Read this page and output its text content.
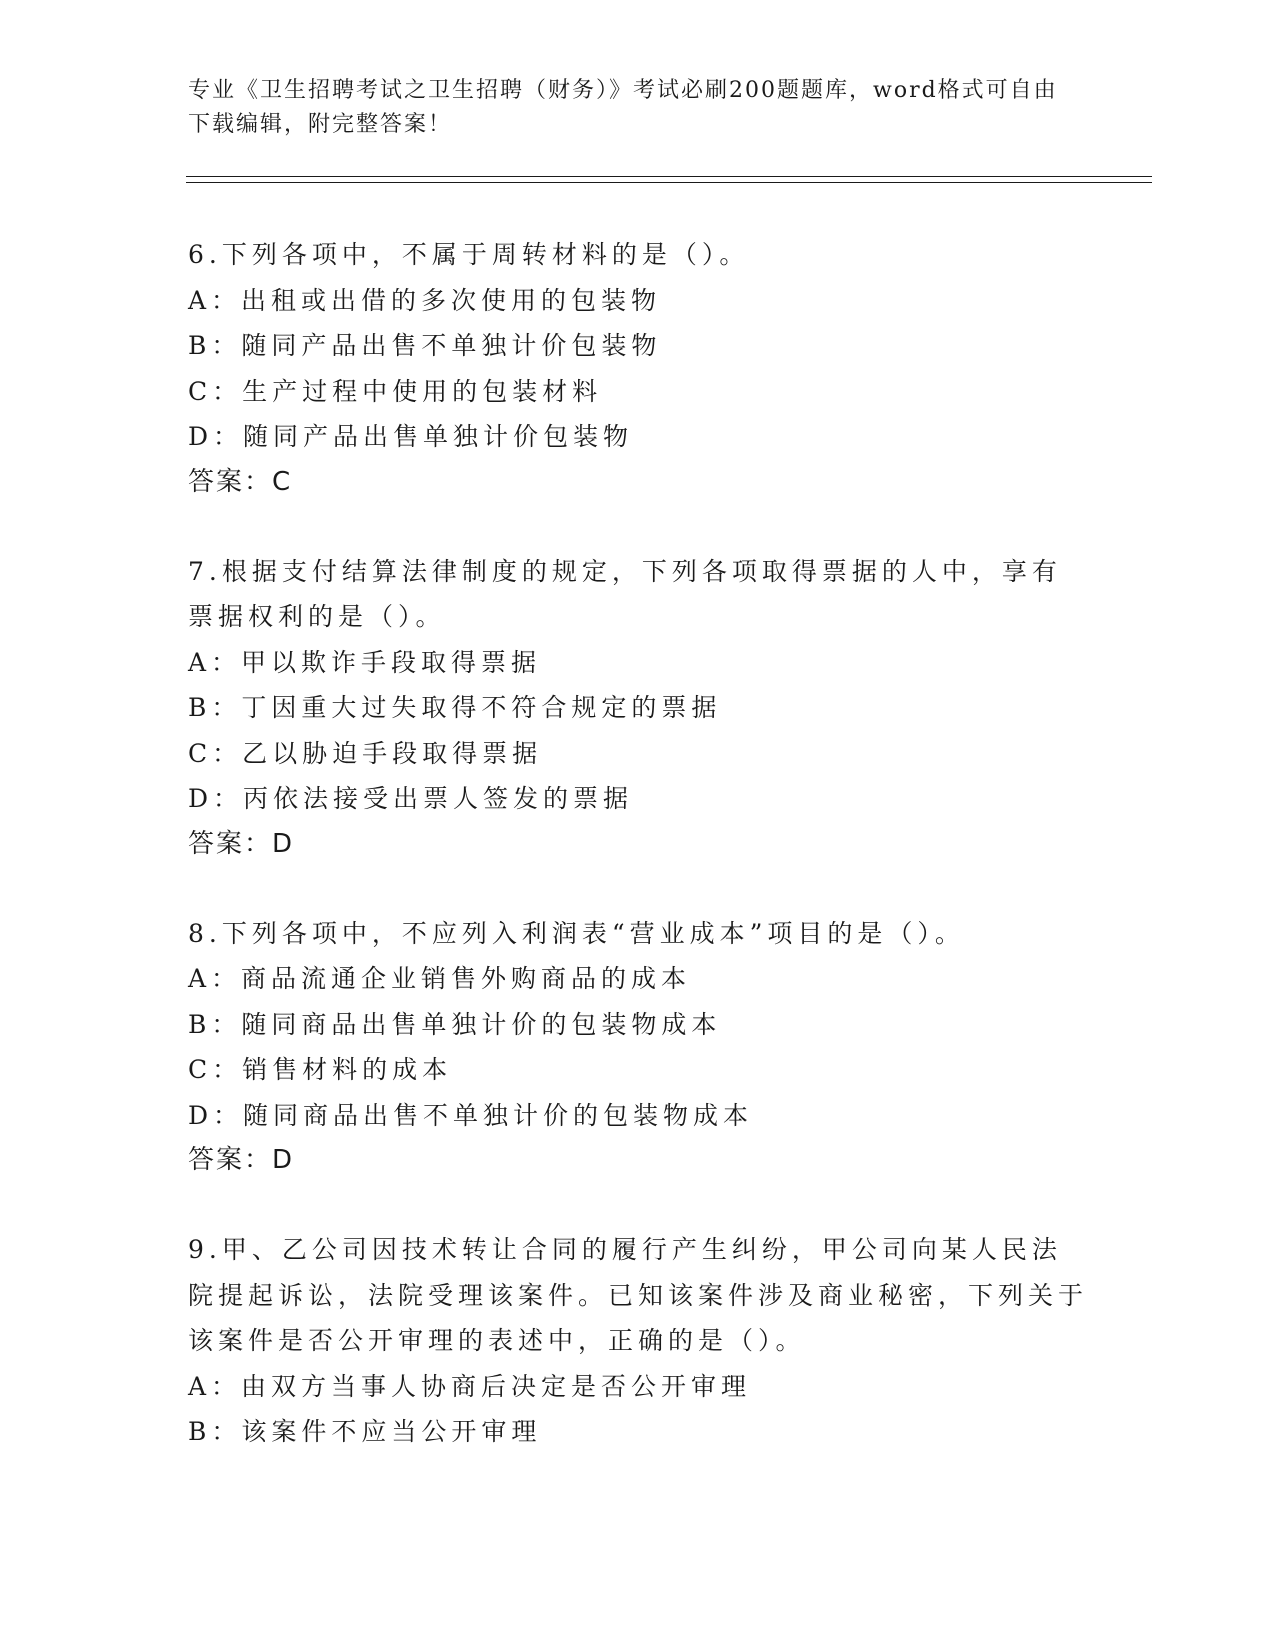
专业《卫生招聘考试之卫生招聘（财务）》考试必刷200题题库，word格式可自由下载编辑，附完整答案！

6.下列各项中，不属于周转材料的是（）。

A：出租或出借的多次使用的包装物

B：随同产品出售不单独计价包装物

C：生产过程中使用的包装材料

D：随同产品出售单独计价包装物

答案：C

7.根据支付结算法律制度的规定，下列各项取得票据的人中，享有票据权利的是（）。

A：甲以欺诈手段取得票据

B：丁因重大过失取得不符合规定的票据

C：乙以胁迫手段取得票据

D：丙依法接受出票人签发的票据

答案：D

8.下列各项中，不应列入利润表“营业成本”项目的是（）。

A：商品流通企业销售外购商品的成本

B：随同商品出售单独计价的包装物成本

C：销售材料的成本

D：随同商品出售不单独计价的包装物成本

答案：D

9.甲、乙公司因技术转让合同的履行产生纠纷，甲公司向某人民法院提起诉讼，法院受理该案件。已知该案件涉及商业秘密，下列关于该案件是否公开审理的表述中，正确的是（）。

A：由双方当事人协商后决定是否公开审理

B：该案件不应当公开审理
